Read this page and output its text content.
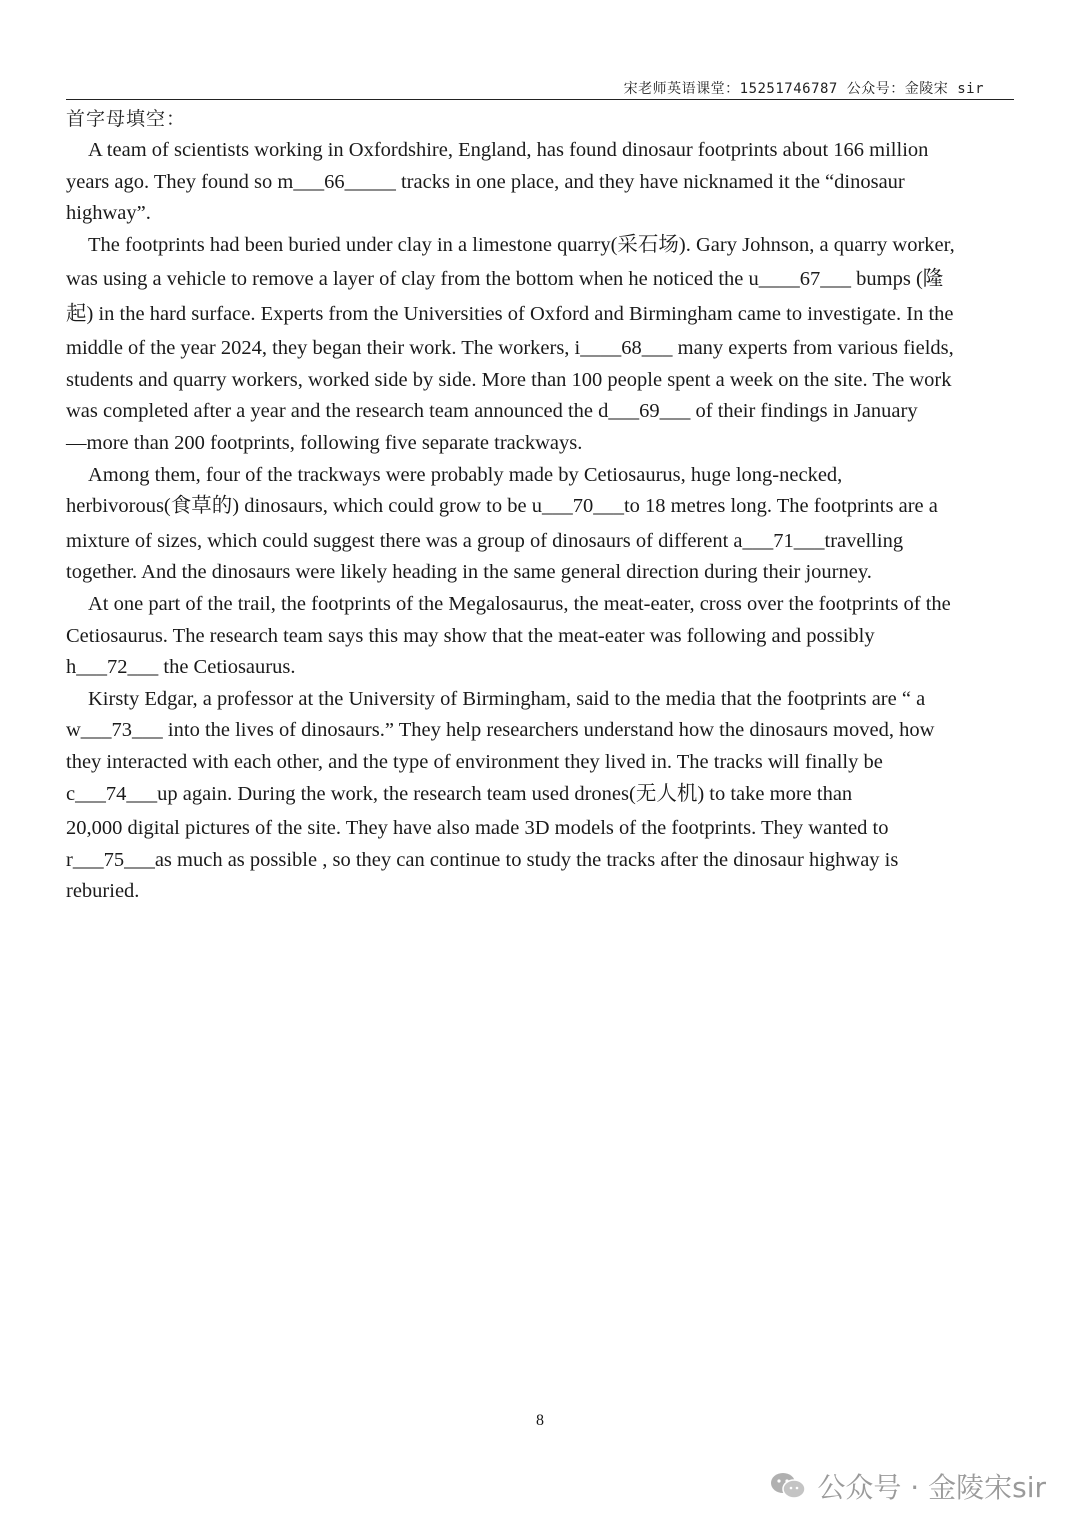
宋老师英语课堂：15251746787 公众号：金陵宋 sir
首字母填空：
A team of scientists working in Oxfordshire, England, has found dinosaur footprints about 166 million
years ago. They found so m___66_____ tracks in one place, and they have nicknamed it the “dinosaur
highway”.
The footprints had been buried under clay in a limestone quarry(采石场). Gary Johnson, a quarry worker,
was using a vehicle to remove a layer of clay from the bottom when he noticed the u____67___ bumps (隆
起) in the hard surface. Experts from the Universities of Oxford and Birmingham came to investigate. In the
middle of the year 2024, they began their work. The workers, i____68___ many experts from various fields,
students and quarry workers, worked side by side. More than 100 people spent a week on the site. The work
was completed after a year and the research team announced the d___69___ of their findings in January
—more than 200 footprints, following five separate trackways.
Among them, four of the trackways were probably made by Cetiosaurus, huge long-necked,
herbivorous(食草的) dinosaurs, which could grow to be u___70___to 18 metres long. The footprints are a
mixture of sizes, which could suggest there was a group of dinosaurs of different a___71___travelling
together. And the dinosaurs were likely heading in the same general direction during their journey.
At one part of the trail, the footprints of the Megalosaurus, the meat-eater, cross over the footprints of the
Cetiosaurus. The research team says this may show that the meat-eater was following and possibly
h___72___ the Cetiosaurus.
Kirsty Edgar, a professor at the University of Birmingham, said to the media that the footprints are “ a
w___73___ into the lives of dinosaurs.” They help researchers understand how the dinosaurs moved, how
they interacted with each other, and the type of environment they lived in. The tracks will finally be
c___74___up again. During the work, the research team used drones(无人机) to take more than
20,000 digital pictures of the site. They have also made 3D models of the footprints. They wanted to
r___75___as much as possible , so they can continue to study the tracks after the dinosaur highway is
reburied.
8
公众号 · 金陵宋sir
